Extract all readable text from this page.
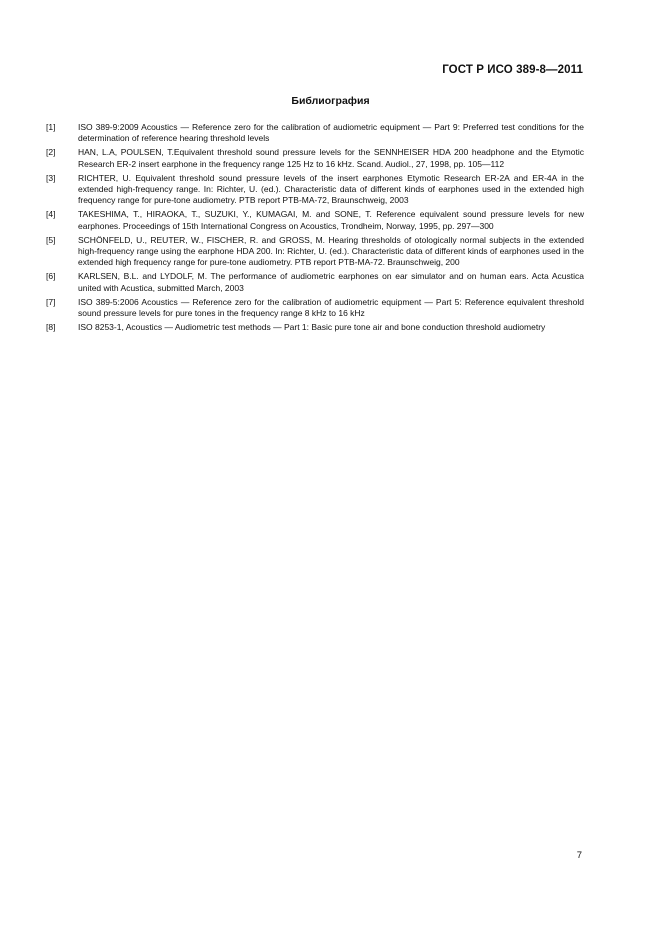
ГОСТ Р ИСО 389-8—2011
Библиография
[1]	ISO 389-9:2009 Acoustics — Reference zero for the calibration of audiometric equipment — Part 9: Preferred test conditions for the determination of reference hearing threshold levels
[2]	HAN, L.A, POULSEN, T.Equivalent threshold sound pressure levels for the SENNHEISER HDA 200 headphone and the Etymotic Research ER-2 insert earphone in the frequency range 125 Hz to 16 kHz. Scand. Audiol., 27, 1998, pp. 105—112
[3]	RICHTER, U. Equivalent threshold sound pressure levels of the insert earphones Etymotic Research ER-2A and ER-4A in the extended high-frequency range. In: Richter, U. (ed.). Characteristic data of different kinds of earphones used in the extended high frequency range for pure-tone audiometry. PTB report PTB-MA-72, Braunschweig, 2003
[4]	TAKESHIMA, T., HIRAOKA, T., SUZUKI, Y., KUMAGAI, M. and SONE, T. Reference equivalent sound pressure levels for new earphones. Proceedings of 15th International Congress on Acoustics, Trondheim, Norway, 1995, pp. 297—300
[5]	SCHÖNFELD, U., REUTER, W., FISCHER, R. and GROSS, M. Hearing thresholds of otologically normal subjects in the extended high-frequency range using the earphone HDA 200. In: Richter, U. (ed.). Characteristic data of different kinds of earphones used in the extended high frequency range for pure-tone audiometry. PTB report PTB-MA-72. Braunschweig, 200
[6]	KARLSEN, B.L. and LYDOLF, M. The performance of audiometric earphones on ear simulator and on human ears. Acta Acustica united with Acustica, submitted March, 2003
[7]	ISO 389-5:2006 Acoustics — Reference zero for the calibration of audiometric equipment — Part 5: Reference equivalent threshold sound pressure levels for pure tones in the frequency range 8 kHz to 16 kHz
[8]	ISO 8253-1, Acoustics — Audiometric test methods — Part 1: Basic pure tone air and bone conduction threshold audiometry
7
